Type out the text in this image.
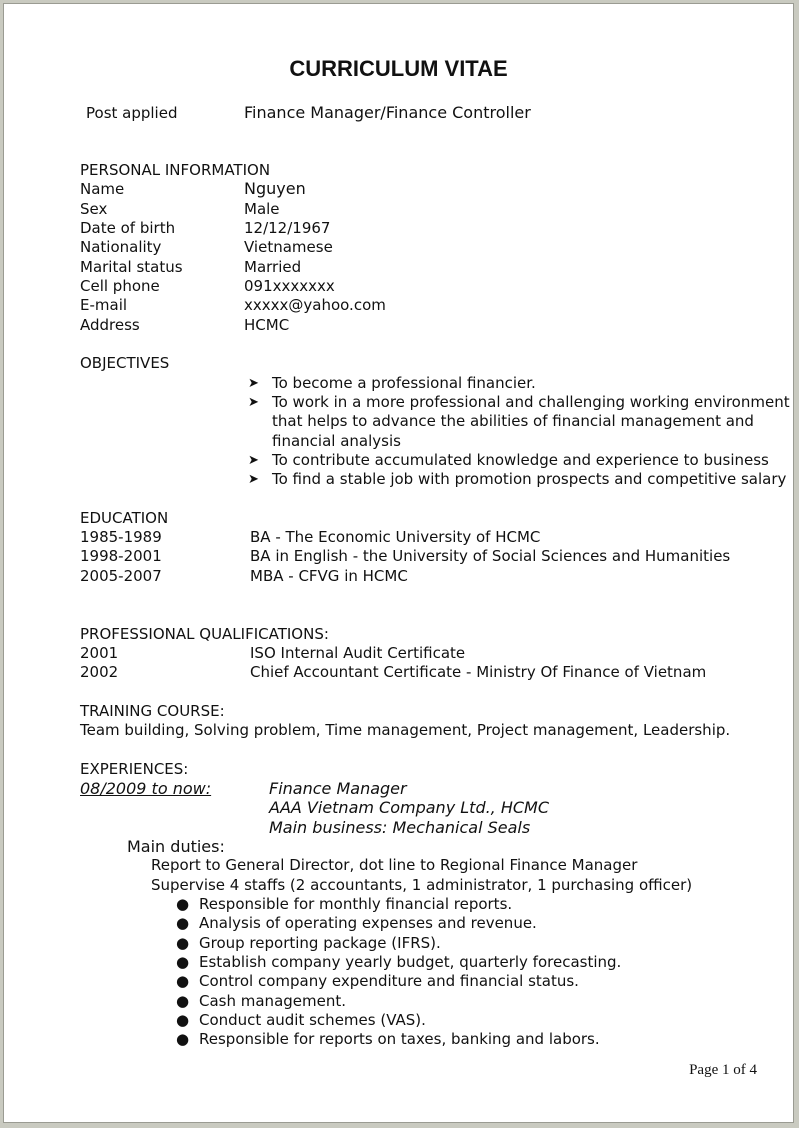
CURRICULUM VITAE
Post applied	Finance Manager/Finance Controller
PERSONAL INFORMATION
Name	Nguyen
Sex	Male
Date of birth	12/12/1967
Nationality	Vietnamese
Marital status	Married
Cell phone	091xxxxxxx
E-mail	xxxxx@yahoo.com
Address	HCMC
OBJECTIVES
➤ To become a professional financier.
➤ To work in a more professional and challenging working environment
that helps to advance the abilities of financial management and
financial analysis
➤ To contribute accumulated knowledge and experience to business
➤ To find a stable job with promotion prospects and competitive salary
EDUCATION
1985-1989	BA - The Economic University of HCMC
1998-2001	BA in English - the University of Social Sciences and Humanities
2005-2007	MBA - CFVG in HCMC
PROFESSIONAL QUALIFICATIONS:
2001	ISO Internal Audit Certificate
2002	Chief Accountant Certificate - Ministry Of Finance of Vietnam
TRAINING COURSE:
Team building, Solving problem, Time management, Project management, Leadership.
EXPERIENCES:
08/2009 to now:	Finance Manager
AAA Vietnam Company Ltd., HCMC
Main business: Mechanical Seals
Main duties:
Report to General Director, dot line to Regional Finance Manager
Supervise 4 staffs (2 accountants, 1 administrator, 1 purchasing officer)
● Responsible for monthly financial reports.
● Analysis of operating expenses and revenue.
● Group reporting package (IFRS).
● Establish company yearly budget, quarterly forecasting.
● Control company expenditure and financial status.
● Cash management.
● Conduct audit schemes (VAS).
● Responsible for reports on taxes, banking and labors.
Page 1 of 4
